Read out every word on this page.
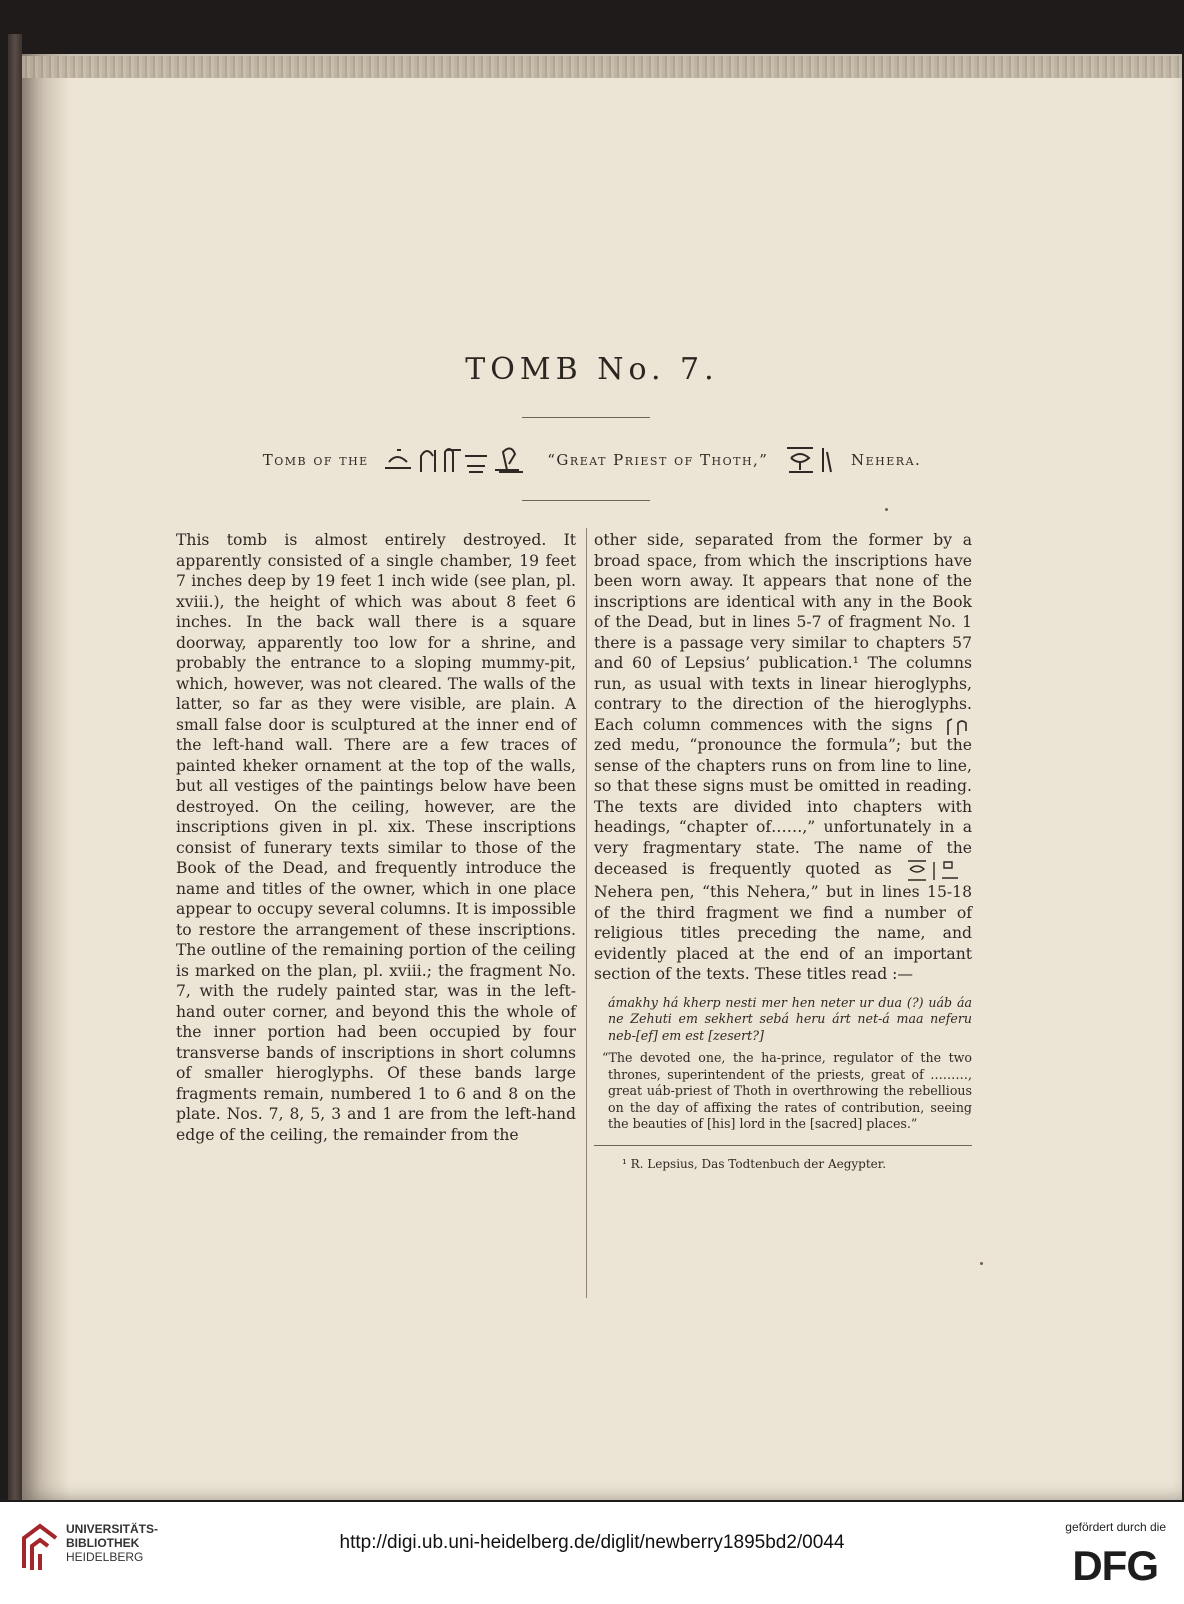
TOMB No. 7.
Tomb of the	“Great Priest of Thoth,”	Nehera.

This tomb is almost entirely destroyed. It apparently consisted of a single chamber, 19 feet 7 inches deep by 19 feet 1 inch wide (see plan, pl. xviii.), the height of which was about 8 feet 6 inches. In the back wall there is a square doorway, apparently too low for a shrine, and probably the entrance to a sloping mummy-pit, which, however, was not cleared. The walls of the latter, so far as they were visible, are plain. A small false door is sculptured at the inner end of the left-hand wall. There are a few traces of painted kheker ornament at the top of the walls, but all vestiges of the paintings below have been destroyed. On the ceiling, however, are the inscriptions given in pl. xix. These inscriptions consist of funerary texts similar to those of the Book of the Dead, and frequently introduce the name and titles of the owner, which in one place appear to occupy several columns. It is impossible to restore the arrangement of these inscriptions. The outline of the remaining portion of the ceiling is marked on the plan, pl. xviii.; the fragment No. 7, with the rudely painted star, was in the left-hand outer corner, and beyond this the whole of the inner portion had been occupied by four transverse bands of inscriptions in short columns of smaller hieroglyphs. Of these bands large fragments remain, numbered 1 to 6 and 8 on the plate. Nos. 7, 8, 5, 3 and 1 are from the left-hand edge of the ceiling, the remainder from the

other side, separated from the former by a broad space, from which the inscriptions have been worn away. It appears that none of the inscriptions are identical with any in the Book of the Dead, but in lines 5-7 of fragment No. 1 there is a passage very similar to chapters 57 and 60 of Lepsius’ publication.¹ The columns run, as usual with texts in linear hieroglyphs, contrary to the direction of the hieroglyphs. Each column commences with the signs  zed medu, “pronounce the formula”; but the sense of the chapters runs on from line to line, so that these signs must be omitted in reading. The texts are divided into chapters with headings, “chapter of……,” unfortunately in a very fragmentary state. The name of the deceased is frequently quoted as  Nehera pen, “this Nehera,” but in lines 15-18 of the third fragment we find a number of religious titles preceding the name, and evidently placed at the end of an important section of the texts. These titles read :—

ámakhy há kherp nesti mer hen neter ur dua (?) uáb áa ne Zehuti em sekhert sebá heru árt net-á maa neferu neb-[ef] em est [zesert?]
“The devoted one, the ha-prince, regulator of the two thrones, superintendent of the priests, great of ………, great uáb-priest of Thoth in overthrowing the rebellious on the day of affixing the rates of contribution, seeing the beauties of [his] lord in the [sacred] places.”
¹ R. Lepsius, Das Todtenbuch der Aegypter.
UNIVERSITÄTS-
BIBLIOTHEK
HEIDELBERG
http://digi.ub.uni-heidelberg.de/diglit/newberry1895bd2/0044
gefördert durch die
DFG
